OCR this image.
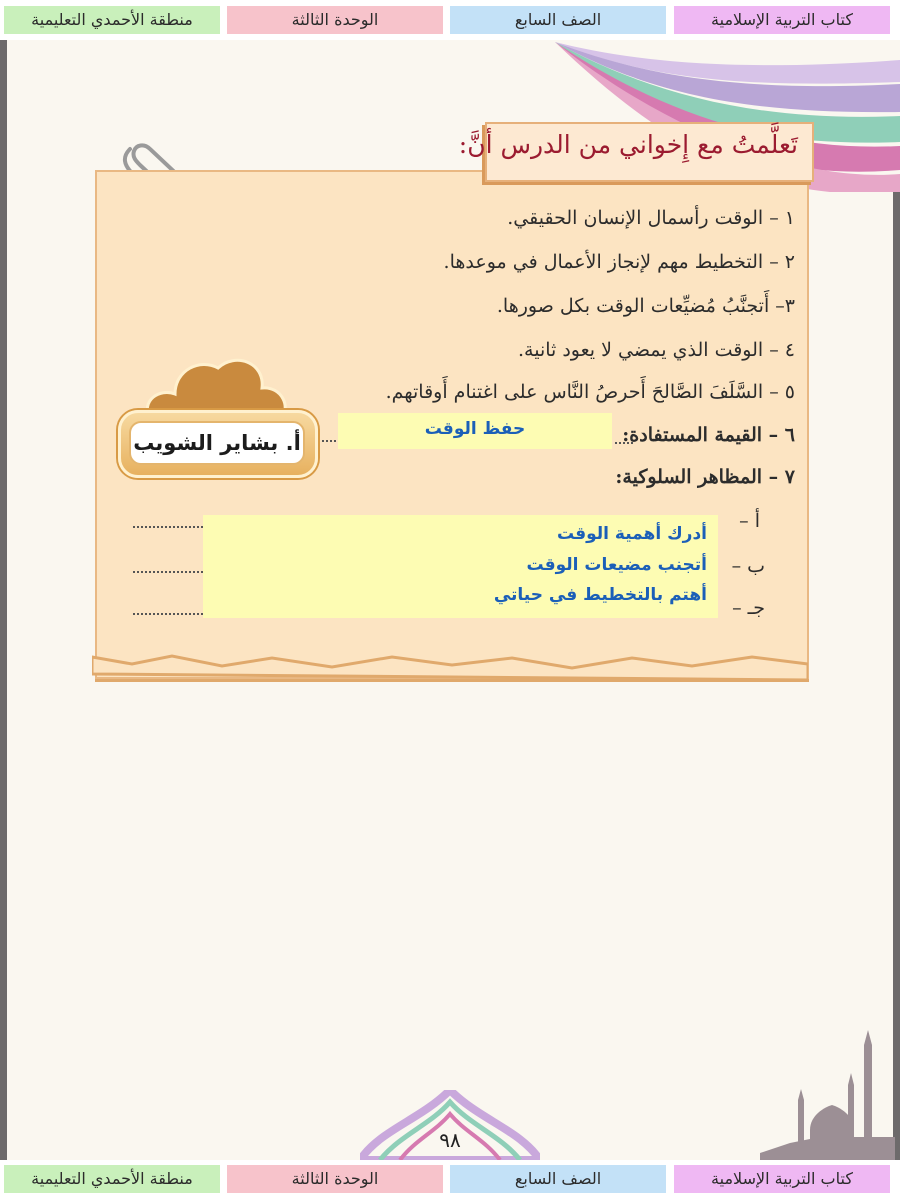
كتاب التربية الإسلامية
الصف السابع
الوحدة الثالثة
منطقة الأحمدي التعليمية
تَعلَّمتُ مع إِخواني من الدرس أنَّ:
١ – الوقت رأسمال الإنسان الحقيقي.
٢ – التخطيط مهم لإنجاز الأعمال في موعدها.
٣– أَتجنَّبُ مُضيِّعات الوقت بكل صورها.
٤ – الوقت الذي يمضي لا يعود ثانية.
٥ – السَّلَفَ الصَّالحَ أَحرصُ النَّاس على اغتنام أَوقاتهم.
٦ – القيمة المستفادة:
حفظ الوقت
٧ – المظاهر السلوكية:
أ –
ب –
جـ –
أدرك أهمية الوقت
أتجنب مضيعات الوقت
أهتم بالتخطيط في حياتي
أ. بشاير الشويب
٩٨
كتاب التربية الإسلامية
الصف السابع
الوحدة الثالثة
منطقة الأحمدي التعليمية
